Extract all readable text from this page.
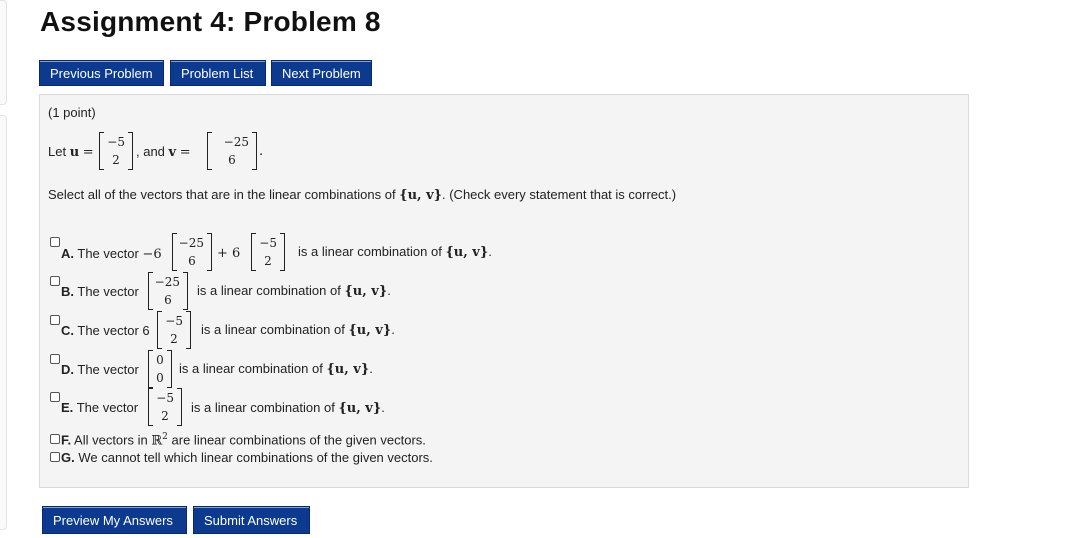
Assignment 4: Problem 8
Previous Problem	Problem List	Next Problem
(1 point)
Let u =
−5
2
, and v =
−25
6
.
Select all of the vectors that are in the linear combinations of {u, v}. (Check every statement that is correct.)
A. The vector −6
−25
6	+ 6
−5
2
is a linear combination of {u, v}.
B. The vector
−25
6
is a linear combination of {u, v}.
C. The vector 6
−5
2
is a linear combination of {u, v}.
D. The vector
0
0
is a linear combination of {u, v}.
E. The vector
−5
2
is a linear combination of {u, v}.
F. All vectors in ℝ$^2$ are linear combinations of the given vectors.
G. We cannot tell which linear combinations of the given vectors.
Preview My Answers	Submit Answers
